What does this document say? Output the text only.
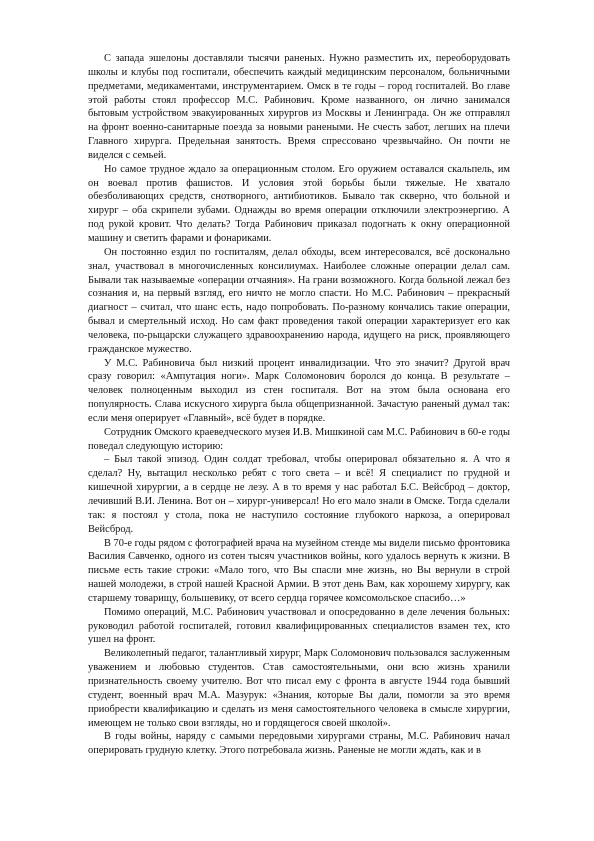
С запада эшелоны доставляли тысячи раненых. Нужно разместить их, переоборудовать школы и клубы под госпитали, обеспечить каждый медицинским персоналом, больничными предметами, медикаментами, инструментарием. Омск в те годы – город госпиталей. Во главе этой работы стоял профессор М.С. Рабинович. Кроме названного, он лично занимался бытовым устройством эвакуированных хирургов из Москвы и Ленинграда. Он же отправлял на фронт военно-санитарные поезда за новыми ранеными. Не счесть забот, легших на плечи Главного хирурга. Предельная занятость. Время спрессовано чрезвычайно. Он почти не виделся с семьей.

Но самое трудное ждало за операционным столом. Его оружием оставался скальпель, им он воевал против фашистов. И условия этой борьбы были тяжелые. Не хватало обезболивающих средств, снотворного, антибиотиков. Бывало так скверно, что больной и хирург – оба скрипели зубами. Однажды во время операции отключили электроэнергию. А под рукой кровит. Что делать? Тогда Рабинович приказал подогнать к окну операционной машину и светить фарами и фонариками.

Он постоянно ездил по госпиталям, делал обходы, всем интересовался, всё досконально знал, участвовал в многочисленных консилиумах. Наиболее сложные операции делал сам. Бывали так называемые «операции отчаяния». На грани возможного. Когда больной лежал без сознания и, на первый взгляд, его ничто не могло спасти. Но М.С. Рабинович – прекрасный диагност – считал, что шанс есть, надо попробовать. По-разному кончались такие операции, бывал и смертельный исход. Но сам факт проведения такой операции характеризует его как человека, по-рыцарски служащего здравоохранению народа, идущего на риск, проявляющего гражданское мужество.

У М.С. Рабиновича был низкий процент инвалидизации. Что это значит? Другой врач сразу говорил: «Ампутация ноги». Марк Соломонович боролся до конца. В результате – человек полноценным выходил из стен госпиталя. Вот на этом была основана его популярность. Слава искусного хирурга была общепризнанной. Зачастую раненый думал так: если меня оперирует «Главный», всё будет в порядке.

Сотрудник Омского краеведческого музея И.В. Мишкиной сам М.С. Рабинович в 60-е годы поведал следующую историю:

– Был такой эпизод. Один солдат требовал, чтобы оперировал обязательно я. А что я сделал? Ну, вытащил несколько ребят с того света – и всё! Я специалист по грудной и кишечной хирургии, а в сердце не лезу. А в то время у нас работал Б.С. Вейсброд – доктор, лечивший В.И. Ленина. Вот он – хирург-универсал! Но его мало знали в Омске. Тогда сделали так: я постоял у стола, пока не наступило состояние глубокого наркоза, а оперировал Вейсброд.

В 70-е годы рядом с фотографией врача на музейном стенде мы видели письмо фронтовика Василия Савченко, одного из сотен тысяч участников войны, кого удалось вернуть к жизни. В письме есть такие строки: «Мало того, что Вы спасли мне жизнь, но Вы вернули в строй нашей молодежи, в строй нашей Красной Армии. В этот день Вам, как хорошему хирургу, как старшему товарищу, большевику, от всего сердца горячее комсомольское спасибо…»

Помимо операций, М.С. Рабинович участвовал и опосредованно в деле лечения больных: руководил работой госпиталей, готовил квалифицированных специалистов взамен тех, кто ушел на фронт.

Великолепный педагог, талантливый хирург, Марк Соломонович пользовался заслуженным уважением и любовью студентов. Став самостоятельными, они всю жизнь хранили признательность своему учителю. Вот что писал ему с фронта в августе 1944 года бывший студент, военный врач М.А. Мазурук: «Знания, которые Вы дали, помогли за это время приобрести квалификацию и сделать из меня самостоятельного человека в смысле хирургии, имеющем не только свои взгляды, но и гордящегося своей школой».

В годы войны, наряду с самыми передовыми хирургами страны, М.С. Рабинович начал оперировать грудную клетку. Этого потребовала жизнь. Раненые не могли ждать, как и в
